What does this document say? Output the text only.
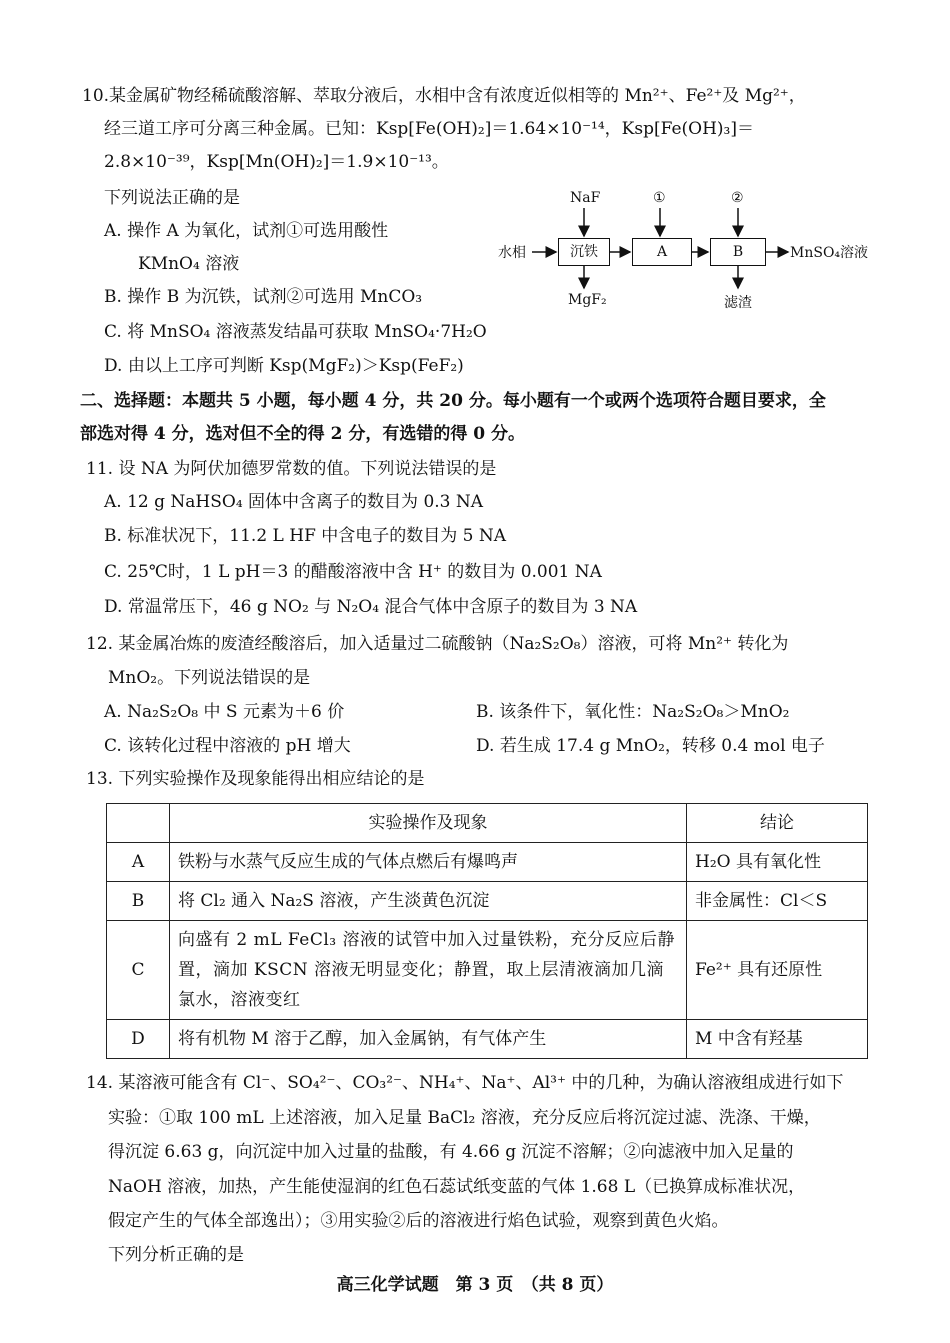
10.某金属矿物经稀硫酸溶解、萃取分液后，水相中含有浓度近似相等的 Mn²⁺、Fe²⁺及 Mg²⁺，
经三道工序可分离三种金属。已知：Ksp[Fe(OH)₂]＝1.64×10⁻¹⁴，Ksp[Fe(OH)₃]＝
2.8×10⁻³⁹，Ksp[Mn(OH)₂]＝1.9×10⁻¹³。
下列说法正确的是
A. 操作 A 为氧化，试剂①可选用酸性
KMnO₄ 溶液
B. 操作 B 为沉铁，试剂②可选用 MnCO₃
C. 将 MnSO₄ 溶液蒸发结晶可获取 MnSO₄·7H₂O
D. 由以上工序可判断 Ksp(MgF₂)＞Ksp(FeF₂)
水相
NaF
沉铁
MgF₂
①
A
②
B	MnSO₄溶液
滤渣
二、选择题：本题共 5 小题，每小题 4 分，共 20 分。每小题有一个或两个选项符合题目要求，全
部选对得 4 分，选对但不全的得 2 分，有选错的得 0 分。
11. 设 NA 为阿伏加德罗常数的值。下列说法错误的是
A. 12 g NaHSO₄ 固体中含离子的数目为 0.3 NA
B. 标准状况下，11.2 L HF 中含电子的数目为 5 NA
C. 25℃时，1 L pH＝3 的醋酸溶液中含 H⁺ 的数目为 0.001 NA
D. 常温常压下，46 g NO₂ 与 N₂O₄ 混合气体中含原子的数目为 3 NA
12. 某金属冶炼的废渣经酸溶后，加入适量过二硫酸钠（Na₂S₂O₈）溶液，可将 Mn²⁺ 转化为
MnO₂。下列说法错误的是
A. Na₂S₂O₈ 中 S 元素为＋6 价	B. 该条件下，氧化性：Na₂S₂O₈＞MnO₂
C. 该转化过程中溶液的 pH 增大	D. 若生成 17.4 g MnO₂，转移 0.4 mol 电子
13. 下列实验操作及现象能得出相应结论的是
	实验操作及现象	结论
A	铁粉与水蒸气反应生成的气体点燃后有爆鸣声	H₂O 具有氧化性
B	将 Cl₂ 通入 Na₂S 溶液，产生淡黄色沉淀	非金属性：Cl＜S
C	向盛有 2 mL FeCl₃ 溶液的试管中加入过量铁粉，充分反应后静置，滴加 KSCN 溶液无明显变化；静置，取上层清液滴加几滴氯水，溶液变红	Fe²⁺ 具有还原性
D	将有机物 M 溶于乙醇，加入金属钠，有气体产生	M 中含有羟基
14. 某溶液可能含有 Cl⁻、SO₄²⁻、CO₃²⁻、NH₄⁺、Na⁺、Al³⁺ 中的几种，为确认溶液组成进行如下
实验：①取 100 mL 上述溶液，加入足量 BaCl₂ 溶液，充分反应后将沉淀过滤、洗涤、干燥，
得沉淀 6.63 g，向沉淀中加入过量的盐酸，有 4.66 g 沉淀不溶解；②向滤液中加入足量的
NaOH 溶液，加热，产生能使湿润的红色石蕊试纸变蓝的气体 1.68 L（已换算成标准状况，
假定产生的气体全部逸出）；③用实验②后的溶液进行焰色试验，观察到黄色火焰。
下列分析正确的是
高三化学试题　第 3 页　（共 8 页）
